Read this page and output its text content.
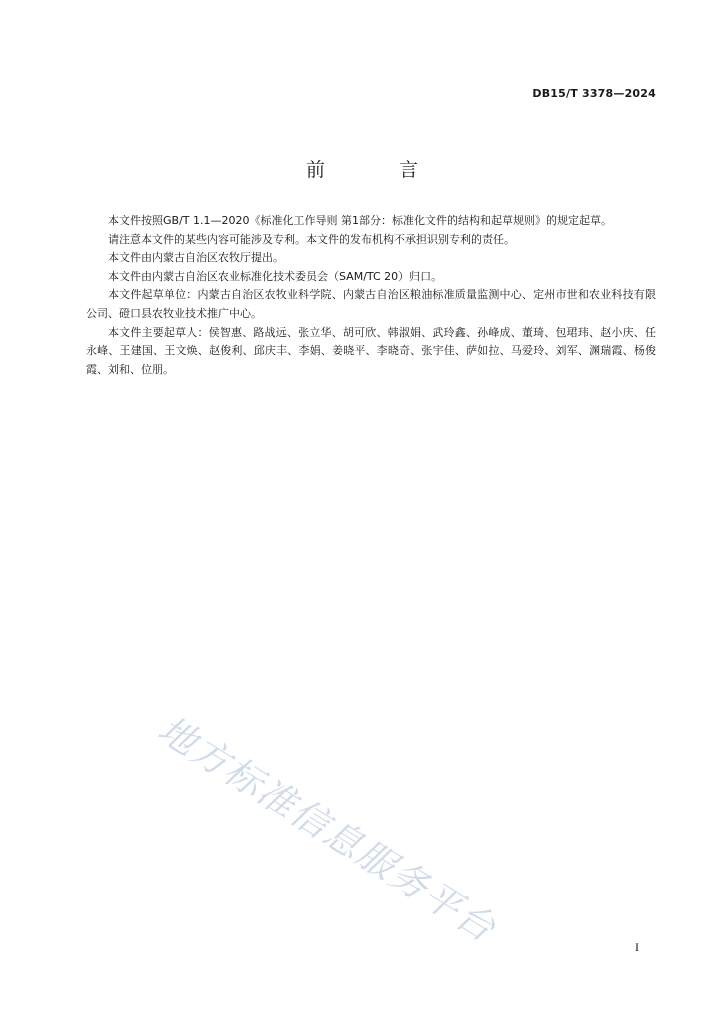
DB15/T 3378—2024
前 言

本文件按照GB/T 1.1—2020《标准化工作导则 第1部分：标准化文件的结构和起草规则》的规定起草。

请注意本文件的某些内容可能涉及专利。本文件的发布机构不承担识别专利的责任。

本文件由内蒙古自治区农牧厅提出。

本文件由内蒙古自治区农业标准化技术委员会（SAM/TC 20）归口。

本文件起草单位：内蒙古自治区农牧业科学院、内蒙古自治区粮油标准质量监测中心、定州市世和农业科技有限公司、磴口县农牧业技术推广中心。

本文件主要起草人：侯智惠、路战远、张立华、胡可欣、韩淑娟、武玲鑫、孙峰成、董琦、包珺玮、赵小庆、任永峰、王建国、王文焕、赵俊利、邱庆丰、李娟、姜晓平、李晓奇、张宇佳、萨如拉、马爱玲、刘军、渊瑞霞、杨俊霞、刘和、位朋。

地方标准信息服务平台	I
